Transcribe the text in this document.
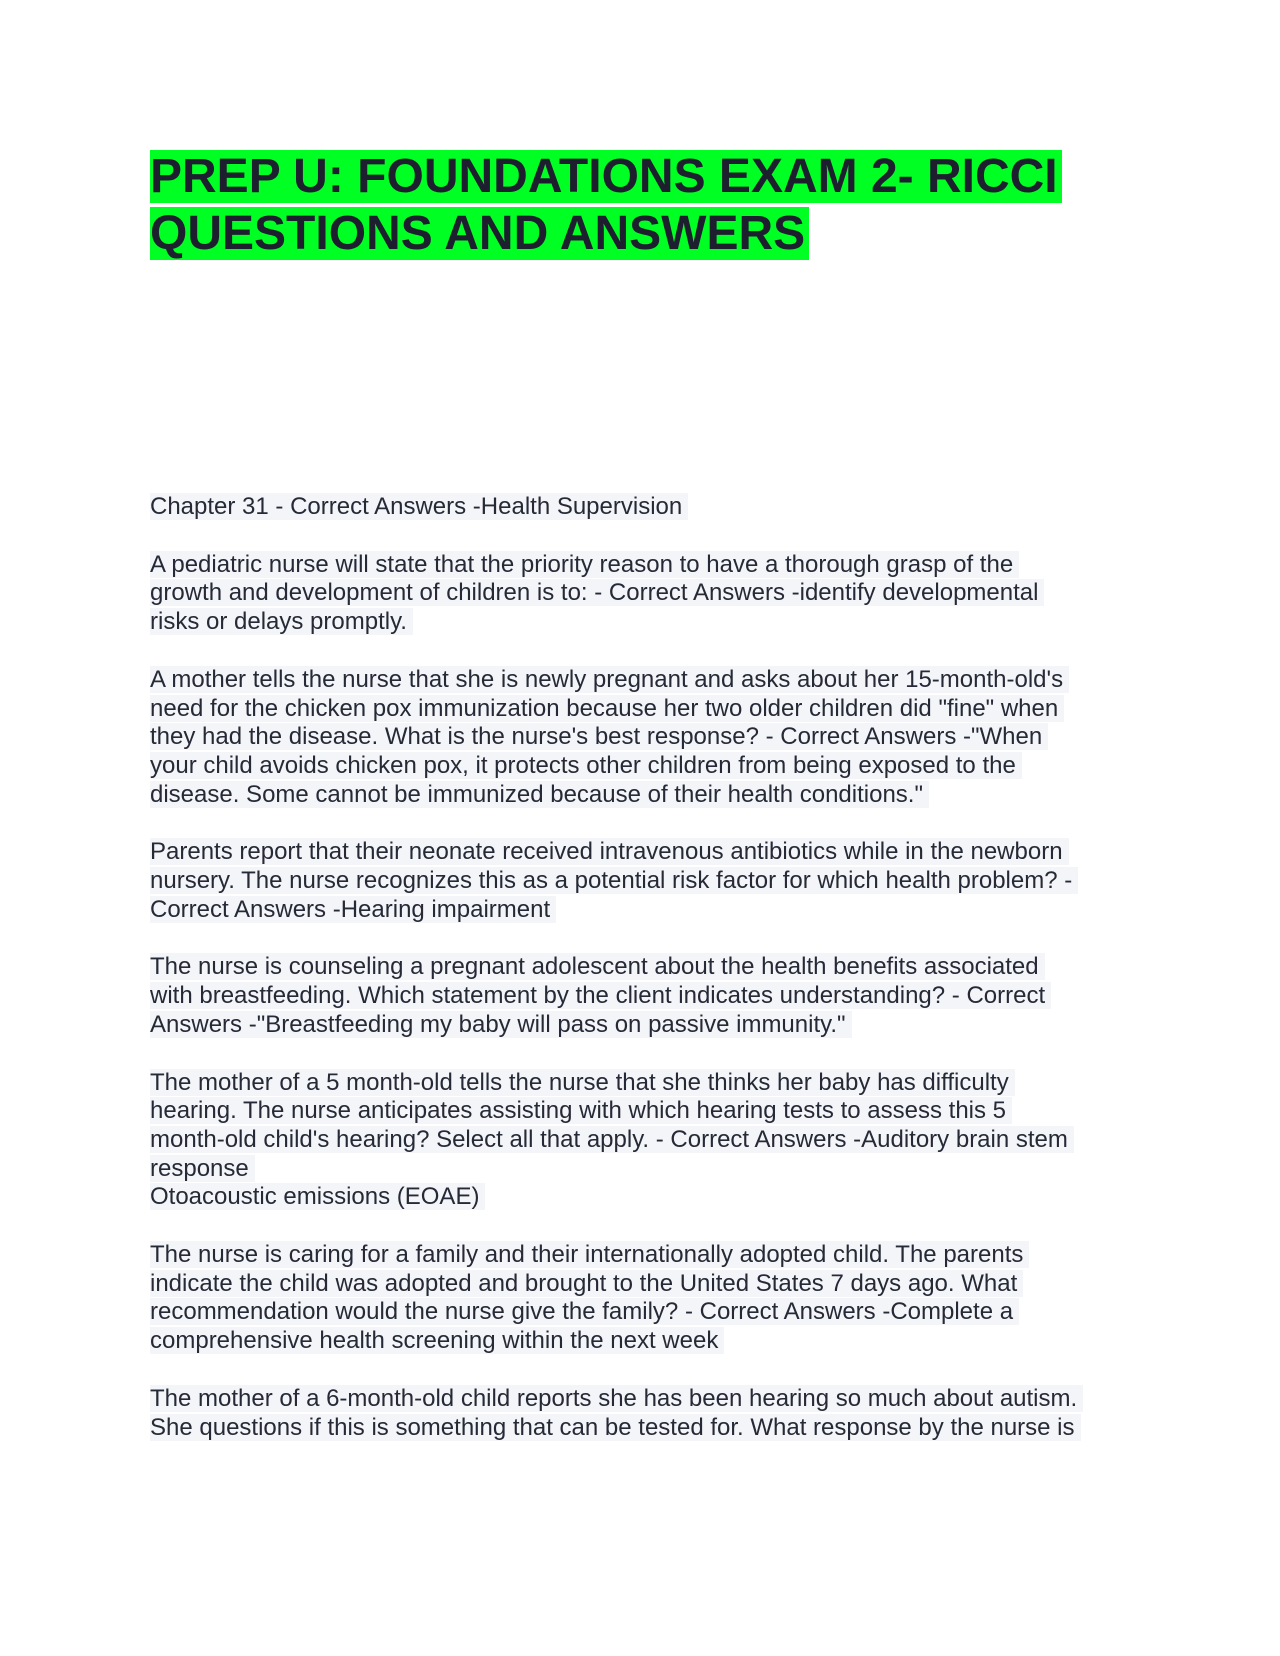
PREP U: FOUNDATIONS EXAM 2- RICCI
QUESTIONS AND ANSWERS
Chapter 31 - Correct Answers -Health Supervision
A pediatric nurse will state that the priority reason to have a thorough grasp of the
growth and development of children is to: - Correct Answers -identify developmental
risks or delays promptly.
A mother tells the nurse that she is newly pregnant and asks about her 15-month-old's
need for the chicken pox immunization because her two older children did "fine" when
they had the disease. What is the nurse's best response? - Correct Answers -"When
your child avoids chicken pox, it protects other children from being exposed to the
disease. Some cannot be immunized because of their health conditions."
Parents report that their neonate received intravenous antibiotics while in the newborn
nursery. The nurse recognizes this as a potential risk factor for which health problem? -
Correct Answers -Hearing impairment
The nurse is counseling a pregnant adolescent about the health benefits associated
with breastfeeding. Which statement by the client indicates understanding? - Correct
Answers -"Breastfeeding my baby will pass on passive immunity."
The mother of a 5 month-old tells the nurse that she thinks her baby has difficulty
hearing. The nurse anticipates assisting with which hearing tests to assess this 5
month-old child's hearing? Select all that apply. - Correct Answers -Auditory brain stem
response
Otoacoustic emissions (EOAE)
The nurse is caring for a family and their internationally adopted child. The parents
indicate the child was adopted and brought to the United States 7 days ago. What
recommendation would the nurse give the family? - Correct Answers -Complete a
comprehensive health screening within the next week
The mother of a 6-month-old child reports she has been hearing so much about autism.
She questions if this is something that can be tested for. What response by the nurse is
